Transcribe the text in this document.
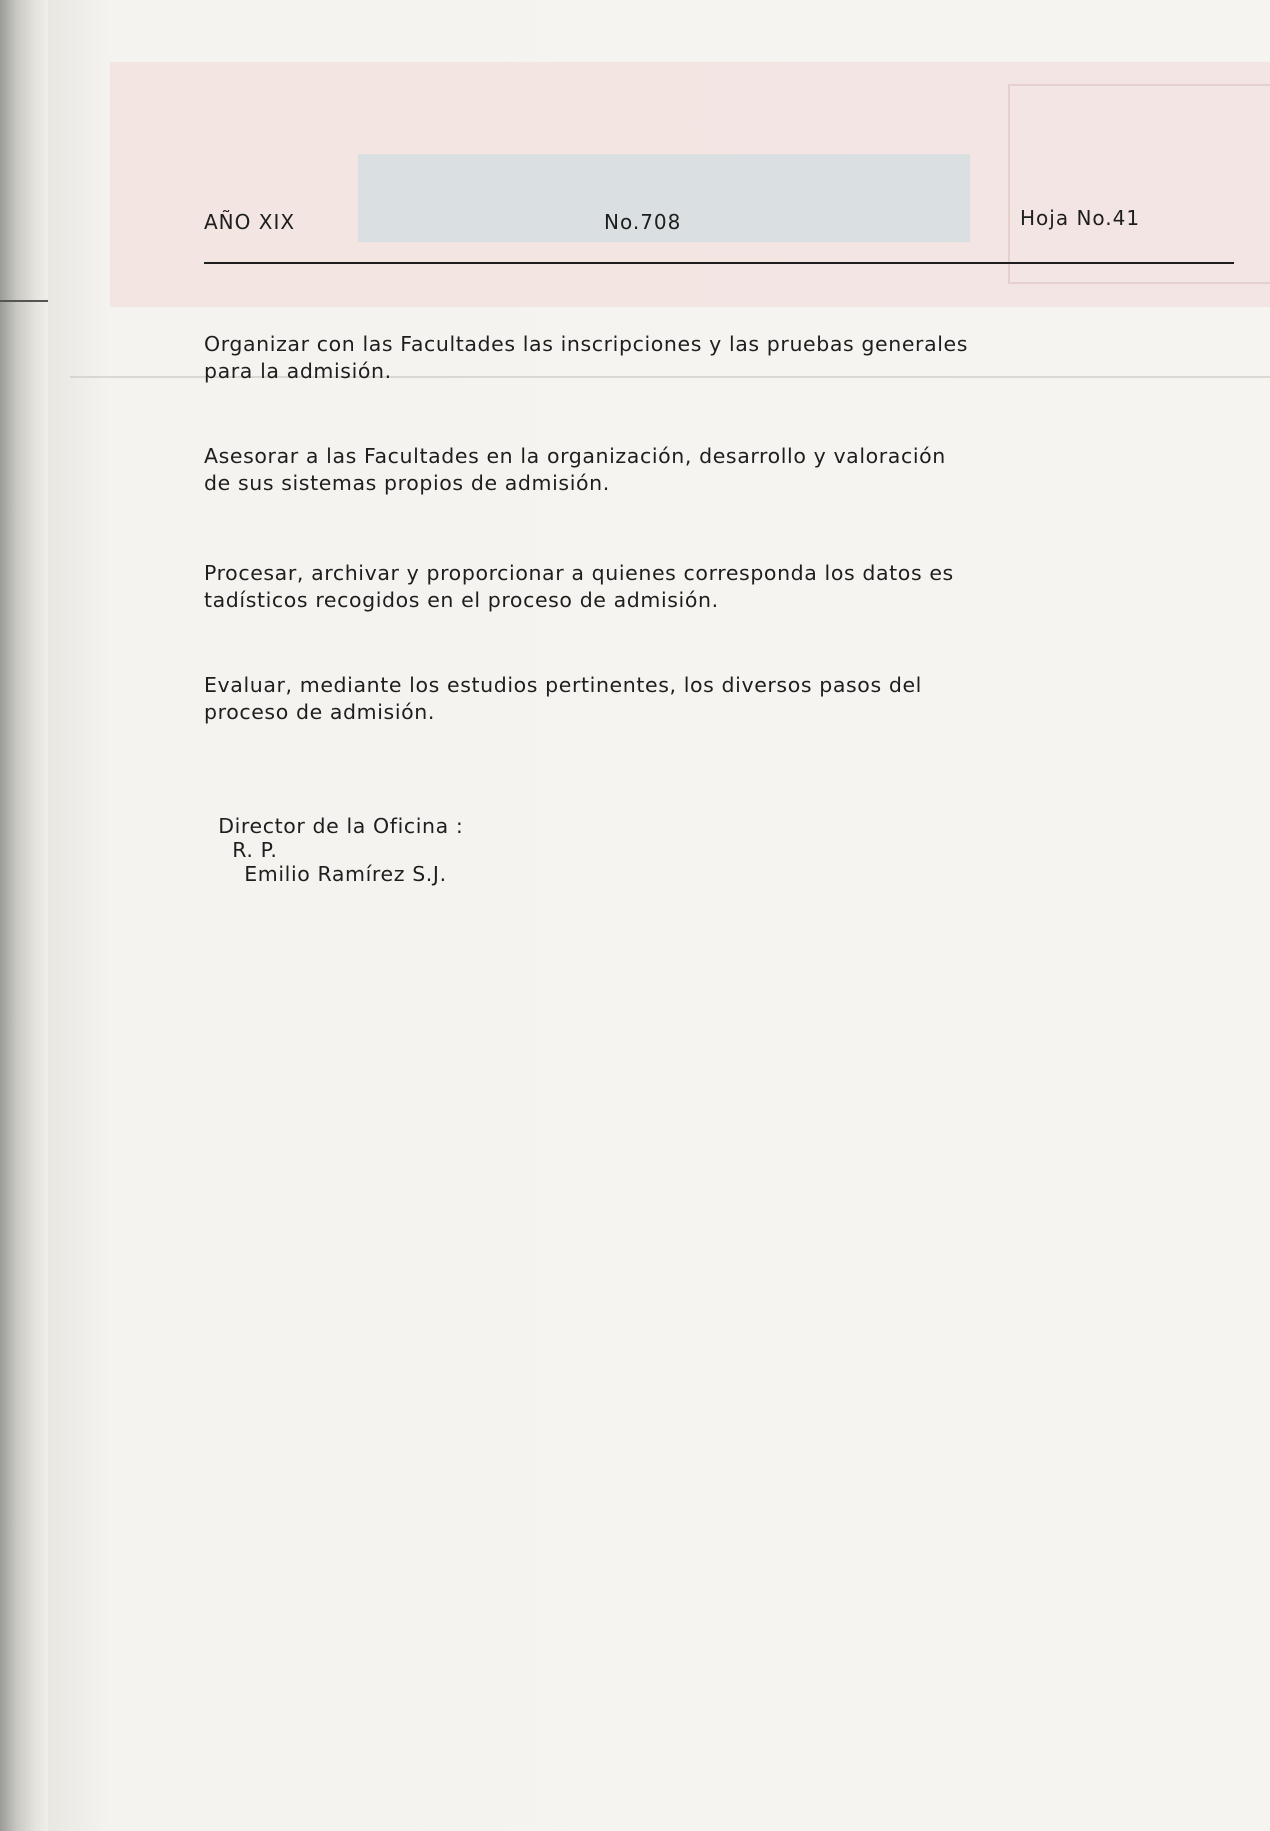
AÑO XIX	No.708	Hoja No.41
Organizar con las Facultades las inscripciones y las pruebas generales
para la admisión.
Asesorar a las Facultades en la organización, desarrollo y valoración
de sus sistemas propios de admisión.
Procesar, archivar y proporcionar a quienes corresponda los datos es
tadísticos recogidos en el proceso de admisión.
Evaluar, mediante los estudios pertinentes, los diversos pasos del
proceso de admisión.

Director de la Oficina :
R. P.
Emilio Ramírez S.J.
